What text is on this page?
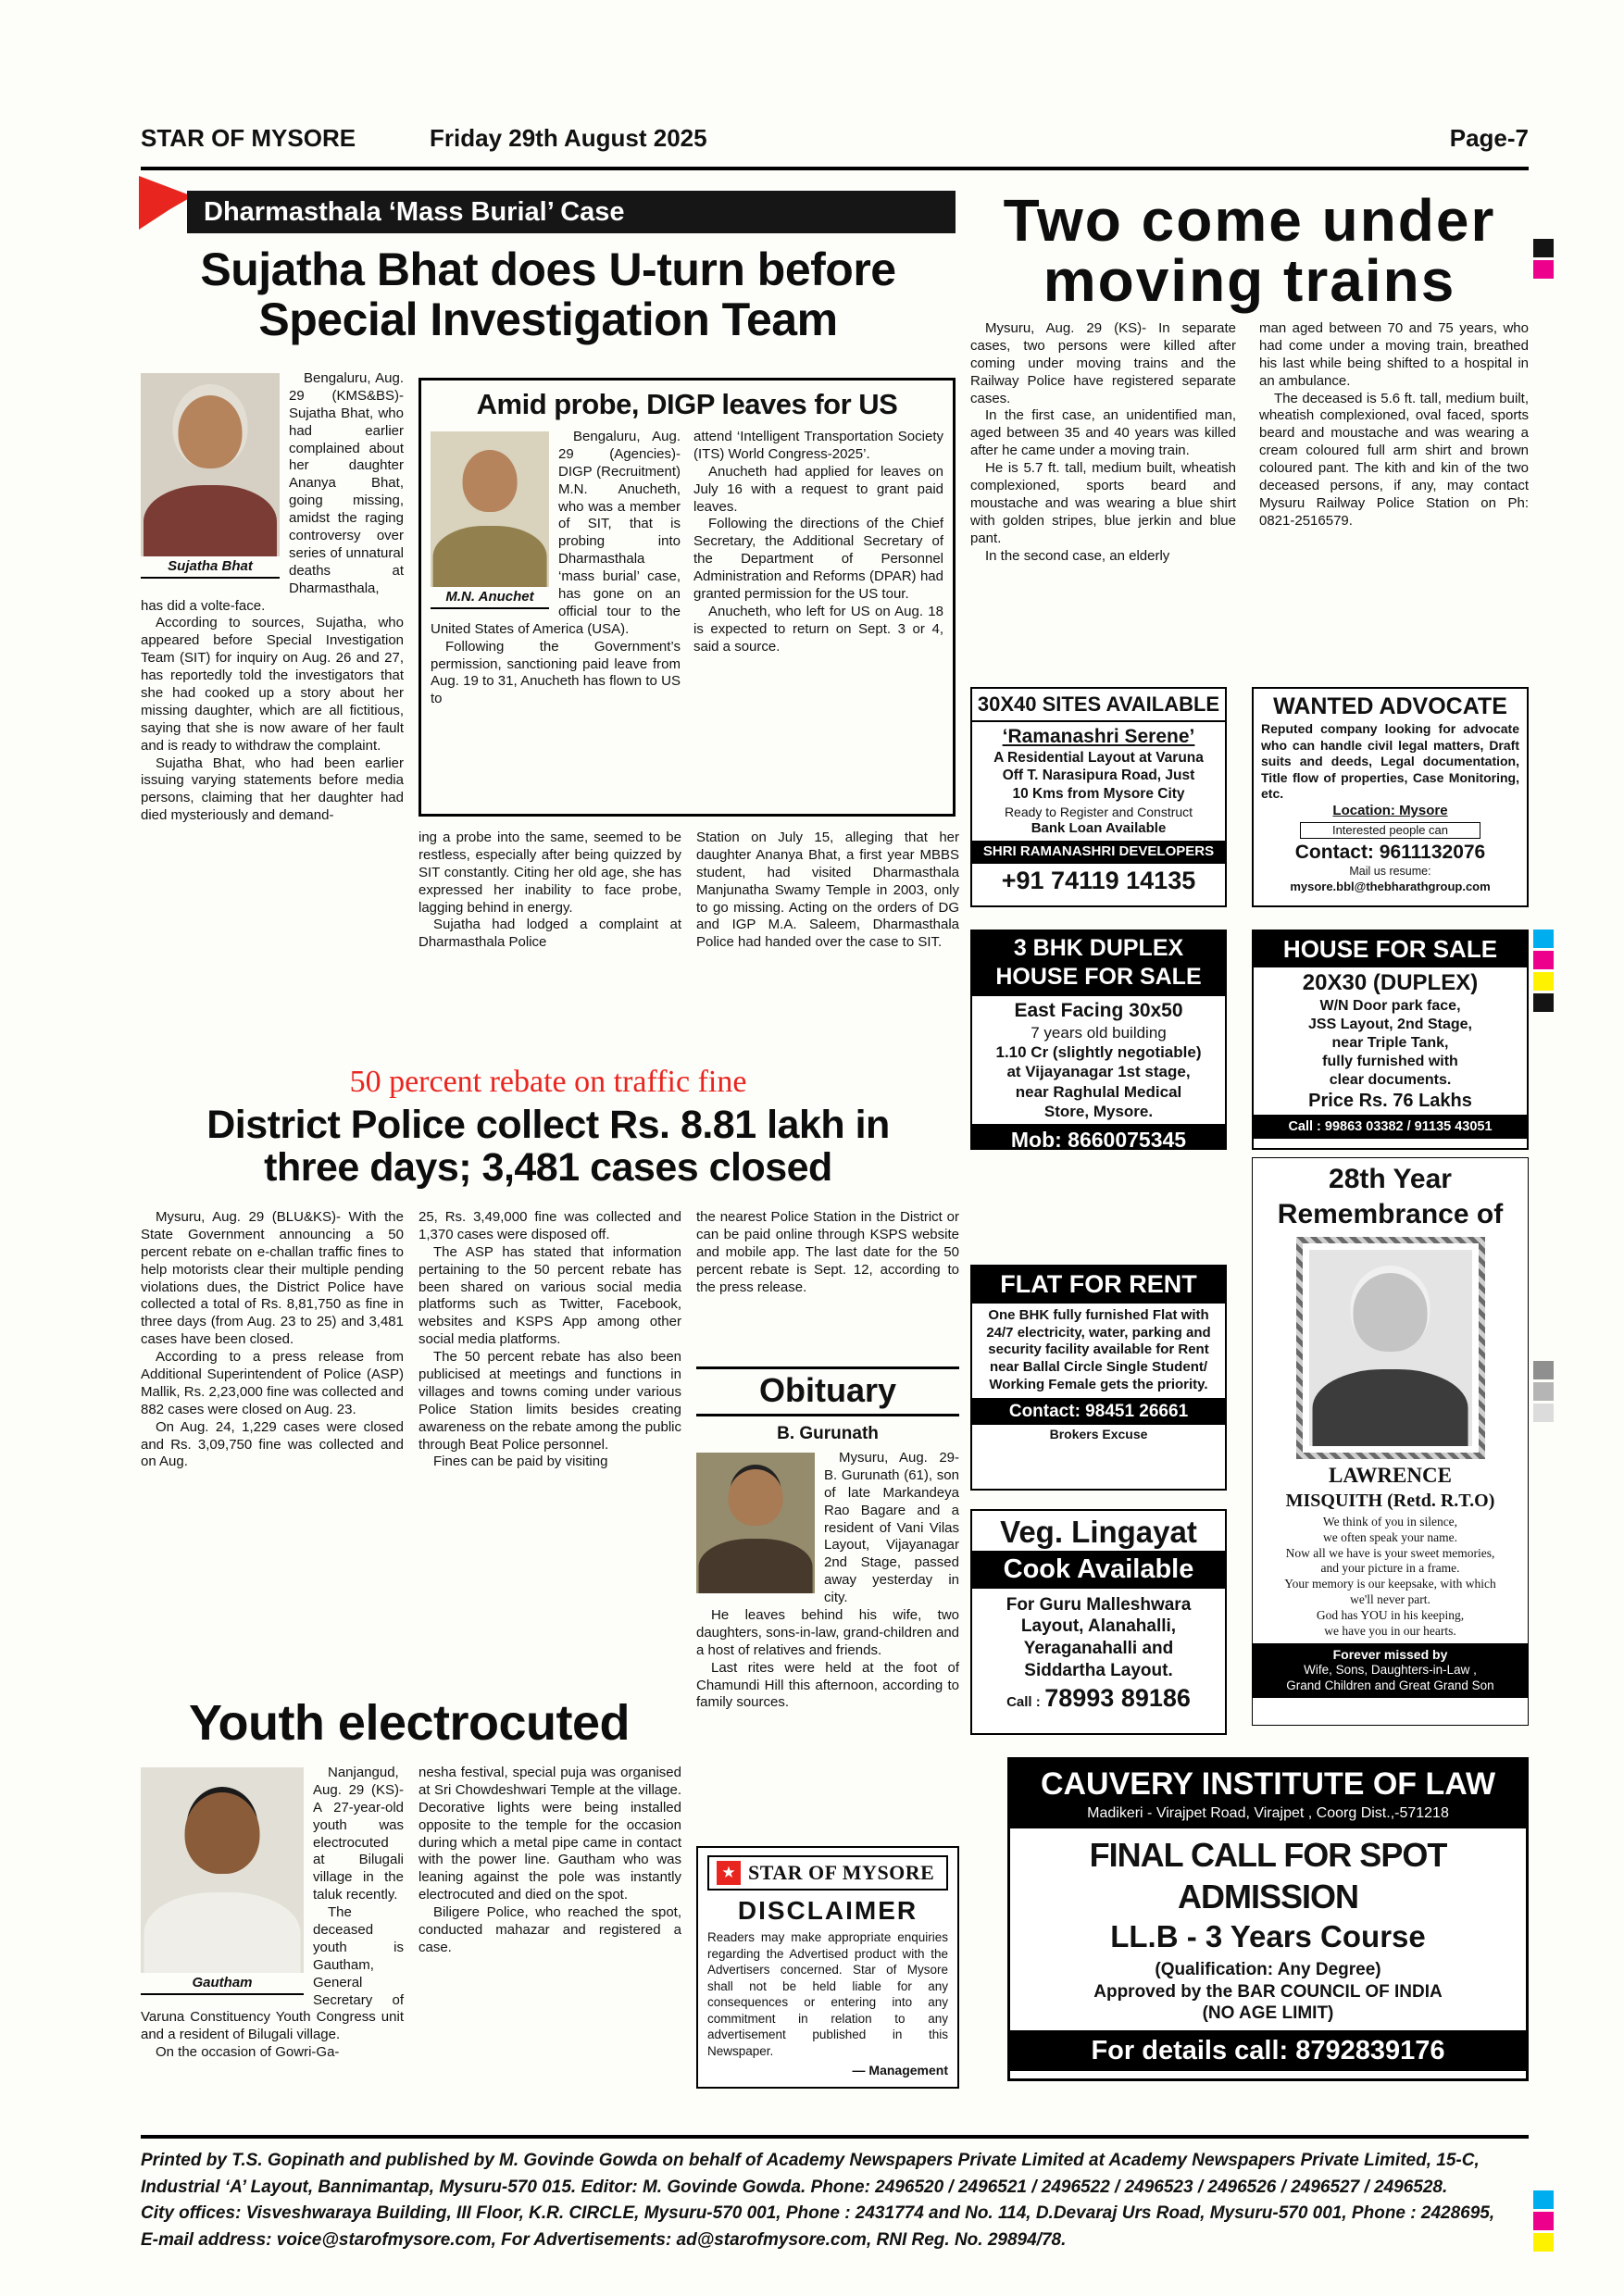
STAR OF MYSORE	Friday 29th August 2025	Page-7
Dharmasthala ‘Mass Burial’ Case
Sujatha Bhat does U-turn before
Special Investigation Team
Sujatha Bhat

Bengaluru, Aug. 29 (KMS&BS)- Sujatha Bhat, who had earlier complained about her daughter Ananya Bhat, going missing, amidst the raging controversy over series of unnatural deaths at Dharmasthala, has did a volte-face.

According to sources, Sujatha, who appeared before Special Investigation Team (SIT) for inquiry on Aug. 26 and 27, has reportedly told the investigators that she had cooked up a story about her missing daughter, which are all fictitious, saying that she is now aware of her fault and is ready to withdraw the complaint.

Sujatha Bhat, who had been earlier issuing varying statements before media persons, claiming that her daughter had died mysteriously and demand-

Amid probe, DIGP leaves for US
M.N. Anuchet

Bengaluru, Aug. 29 (Agencies)- DIGP (Recruitment) M.N. Anucheth, who was a member of SIT, that is probing into Dharmasthala ‘mass burial’ case, has gone on an official tour to the United States of America (USA).

Following the Government’s permission, sanctioning paid leave from Aug. 19 to 31, Anucheth has flown to US to

attend ‘Intelligent Transportation Society (ITS) World Congress-2025’.

Anucheth had applied for leaves on July 16 with a request to grant paid leaves.

Following the directions of the Chief Secretary, the Additional Secretary of the Department of Personnel Administration and Reforms (DPAR) had granted permission for the US tour.

Anucheth, who left for US on Aug. 18 is expected to return on Sept. 3 or 4, said a source.

ing a probe into the same, seemed to be restless, especially after being quizzed by SIT constantly. Citing her old age, she has expressed her inability to face probe, lagging behind in energy.

Sujatha had lodged a complaint at Dharmasthala Police

Station on July 15, alleging that her daughter Ananya Bhat, a first year MBBS student, had visited Dharmasthala Manjunatha Swamy Temple in 2003, only to go missing. Acting on the orders of DG and IGP M.A. Saleem, Dharmasthala Police had handed over the case to SIT.

Two come under
moving trains

Mysuru, Aug. 29 (KS)- In separate cases, two persons were killed after coming under moving trains and the Railway Police have registered separate cases.

In the first case, an unidentified man, aged between 35 and 40 years was killed after he came under a moving train.

He is 5.7 ft. tall, medium built, wheatish complexioned, sports beard and moustache and was wearing a blue shirt with golden stripes, blue jerkin and blue pant.

In the second case, an elderly

man aged between 70 and 75 years, who had come under a moving train, breathed his last while being shifted to a hospital in an ambulance.

The deceased is 5.6 ft. tall, medium built, wheatish complexioned, oval faced, sports beard and moustache and was wearing a cream coloured full arm shirt and brown coloured pant. The kith and kin of the two deceased persons, if any, may contact Mysuru Railway Police Station on Ph: 0821-2516579.

30X40 SITES AVAILABLE
‘Ramanashri Serene’
A Residential Layout at Varuna
Off T. Narasipura Road, Just
10 Kms from Mysore City
Ready to Register and Construct
Bank Loan Available
SHRI RAMANASHRI DEVELOPERS
+91 74119 14135
WANTED ADVOCATE
Reputed company looking for advocate who can handle civil legal matters, Draft suits and deeds, Legal documentation, Title flow of properties, Case Monitoring, etc.
Location: Mysore
Interested people can
Contact: 9611132076
Mail us resume:
mysore.bbl@thebharathgroup.com
3 BHK DUPLEX
HOUSE FOR SALE
East Facing 30x50
7 years old building
1.10 Cr (slightly negotiable)
at Vijayanagar 1st stage,
near Raghulal Medical
Store, Mysore.
Mob: 8660075345
HOUSE FOR SALE
20X30 (DUPLEX)
W/N Door park face,
JSS Layout, 2nd Stage,
near Triple Tank,
fully furnished with
clear documents.
Price Rs. 76 Lakhs
Call : 99863 03382 / 91135 43051
FLAT FOR RENT
One BHK fully furnished Flat with 24/7 electricity, water, parking and security facility available for Rent near Ballal Circle Single Student/ Working Female gets the priority.
Contact: 98451 26661
Brokers Excuse
28th Year
Remembrance of
LAWRENCE
MISQUITH (Retd. R.T.O)
We think of you in silence,
we often speak your name.
Now all we have is your sweet memories,
and your picture in a frame.
Your memory is our keepsake, with which
we'll never part.
God has YOU in his keeping,
we have you in our hearts.
Forever missed by
Wife, Sons, Daughters-in-Law ,
Grand Children and Great Grand Son
Veg. Lingayat
Cook Available
For Guru Malleshwara Layout, Alanahalli, Yeraganahalli and Siddartha Layout.
Call : 78993 89186
CAUVERY INSTITUTE OF LAW
Madikeri - Virajpet Road, Virajpet , Coorg Dist.,-571218
FINAL CALL FOR SPOT ADMISSION
LL.B - 3 Years Course
(Qualification: Any Degree)
Approved by the BAR COUNCIL OF INDIA
(NO AGE LIMIT)
For details call: 8792839176
50 percent rebate on traffic fine
District Police collect Rs. 8.81 lakh in
three days; 3,481 cases closed

Mysuru, Aug. 29 (BLU&KS)- With the State Government announcing a 50 percent rebate on e-challan traffic fines to help motorists clear their multiple pending violations dues, the District Police have collected a total of Rs. 8,81,750 as fine in three days (from Aug. 23 to 25) and 3,481 cases have been closed.

According to a press release from Additional Superintendent of Police (ASP) Mallik, Rs. 2,23,000 fine was collected and 882 cases were closed on Aug. 23.

On Aug. 24, 1,229 cases were closed and Rs. 3,09,750 fine was collected and on Aug.

25, Rs. 3,49,000 fine was collected and 1,370 cases were disposed off.

The ASP has stated that information pertaining to the 50 percent rebate has been shared on various social media platforms such as Twitter, Facebook, websites and KSPS App among other social media platforms.

The 50 percent rebate has also been publicised at meetings and functions in villages and towns coming under various Police Station limits besides creating awareness on the rebate among the public through Beat Police personnel.

Fines can be paid by visiting

the nearest Police Station in the District or can be paid online through KSPS website and mobile app. The last date for the 50 percent rebate is Sept. 12, according to the press release.

Obituary
B. Gurunath

Mysuru, Aug. 29- B. Gurunath (61), son of late Markandeya Rao Bagare and a resident of Vani Vilas Layout, Vijayanagar 2nd Stage, passed away yesterday in city.

He leaves behind his wife, two daughters, sons-in-law, grand-children and a host of relatives and friends.

Last rites were held at the foot of Chamundi Hill this afternoon, according to family sources.

Youth electrocuted
Gautham

Nanjangud, Aug. 29 (KS)- A 27-year-old youth was electrocuted at Bilugali village in the taluk recently.

The deceased youth is Gautham, General Secretary of Varuna Constituency Youth Congress unit and a resident of Bilugali village.

On the occasion of Gowri-Ga-

nesha festival, special puja was organised at Sri Chowdeshwari Temple at the village. Decorative lights were being installed opposite to the temple for the occasion during which a metal pipe came in contact with the power line. Gautham who was leaning against the pole was instantly electrocuted and died on the spot.

Biligere Police, who reached the spot, conducted mahazar and registered a case.

★ STAR OF MYSORE
DISCLAIMER

Readers may make appropriate enquiries regarding the Advertised product with the Advertisers concerned. Star of Mysore shall not be held liable for any consequences or entering into any commitment in relation to any advertisement published in this Newspaper.

— Management
Printed by T.S. Gopinath and published by M. Govinde Gowda on behalf of Academy Newspapers Private Limited at Academy Newspapers Private Limited, 15-C,
Industrial ‘A’ Layout, Bannimantap, Mysuru-570 015. Editor: M. Govinde Gowda. Phone: 2496520 / 2496521 / 2496522 / 2496523 / 2496526 / 2496527 / 2496528.
City offices: Visveshwaraya Building, III Floor, K.R. CIRCLE, Mysuru-570 001, Phone : 2431774 and No. 114, D.Devaraj Urs Road, Mysuru-570 001, Phone : 2428695,
E-mail address: voice@starofmysore.com, For Advertisements: ad@starofmysore.com, RNI Reg. No. 29894/78.
